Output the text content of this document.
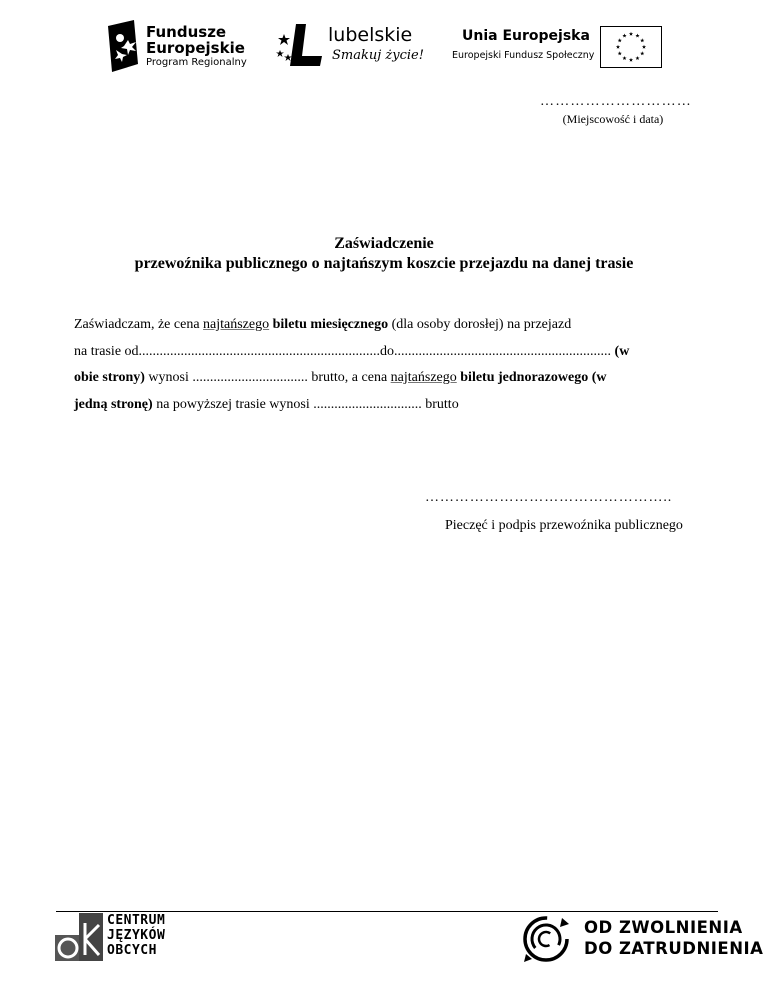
Fundusze
Europejskie
Program Regionalny
lubelskie
Smakuj życie!
Unia Europejska
Europejski Fundusz Społeczny
…………………………
(Miejscowość i data)
Zaświadczenie
przewoźnika publicznego o najtańszym koszcie przejazdu na danej trasie
Zaświadczam, że cena najtańszego biletu miesięcznego (dla osoby dorosłej) na przejazd
na trasie od.....................................................................do.............................................................. (w
obie strony) wynosi ................................. brutto, a cena najtańszego biletu jednorazowego (w
jedną stronę) na powyższej trasie wynosi ............................... brutto
…………………………………………..
Pieczęć i podpis przewoźnika publicznego
CENTRUM
JĘZYKÓW
OBCYCH
OD ZWOLNIENIA
DO ZATRUDNIENIA
